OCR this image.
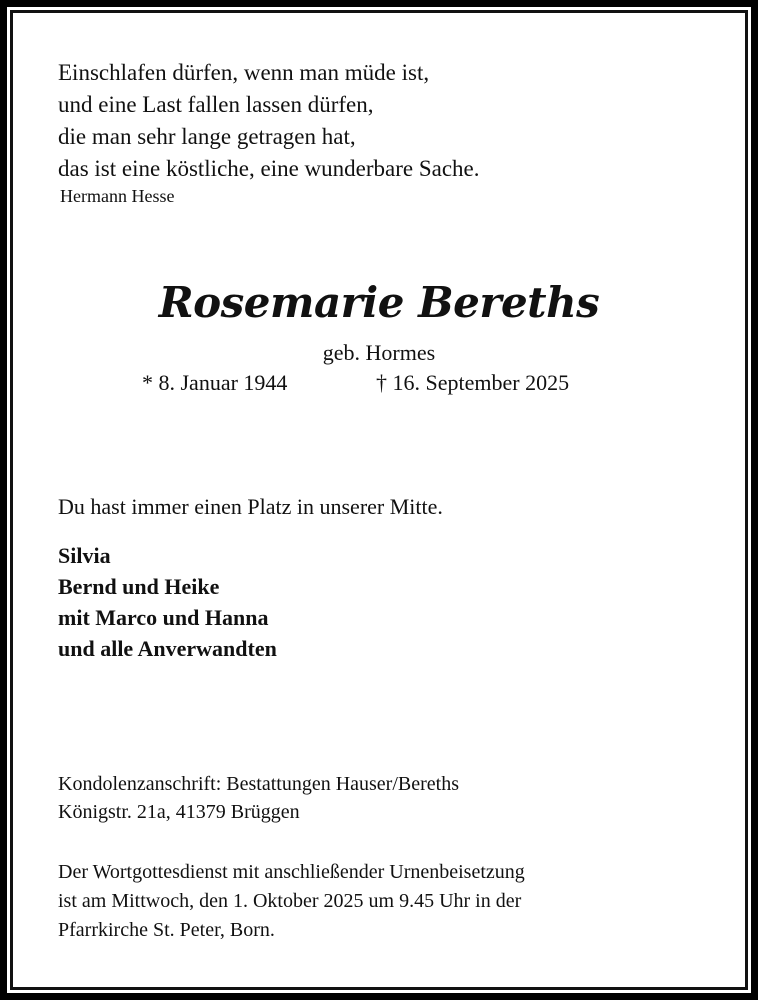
Einschlafen dürfen, wenn man müde ist,
und eine Last fallen lassen dürfen,
die man sehr lange getragen hat,
das ist eine köstliche, eine wunderbare Sache.
Hermann Hesse
Rosemarie Bereths
geb. Hormes
* 8. Januar 1944	† 16. September 2025
Du hast immer einen Platz in unserer Mitte.
Silvia
Bernd und Heike
mit Marco und Hanna
und alle Anverwandten
Kondolenzanschrift: Bestattungen Hauser/Bereths
Königstr. 21a, 41379 Brüggen
Der Wortgottesdienst mit anschließender Urnenbeisetzung
ist am Mittwoch, den 1. Oktober 2025 um 9.45 Uhr in der
Pfarrkirche St. Peter, Born.
